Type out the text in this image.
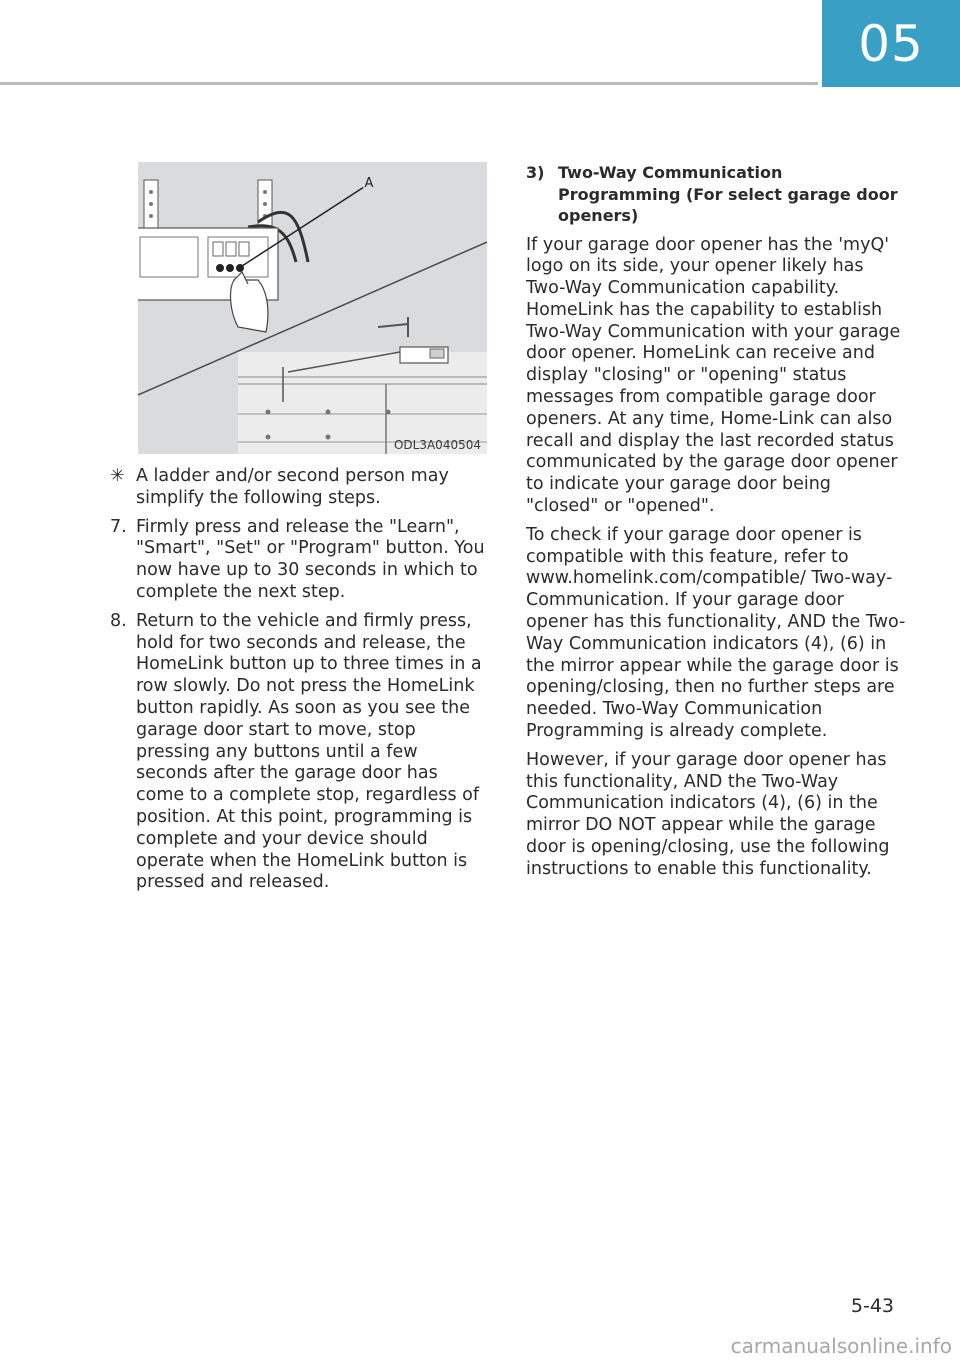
05
A
ODL3A040504
✳ A ladder and/or second person may simplify the following steps.
7. Firmly press and release the "Learn", "Smart", "Set" or "Program" button. You now have up to 30 seconds in which to complete the next step.
8. Return to the vehicle and firmly press, hold for two seconds and release, the HomeLink button up to three times in a row slowly. Do not press the HomeLink button rapidly. As soon as you see the garage door start to move, stop pressing any buttons until a few seconds after the garage door has come to a complete stop, regardless of position. At this point, programming is complete and your device should operate when the HomeLink button is pressed and released.
3) Two-Way Communication Programming (For select garage door openers)

If your garage door opener has the 'myQ' logo on its side, your opener likely has Two-Way Communication capability. HomeLink has the capability to establish Two-Way Communication with your garage door opener. HomeLink can receive and display "closing" or "opening" status messages from compatible garage door openers. At any time, Home-Link can also recall and display the last recorded status communicated by the garage door opener to indicate your garage door being "closed" or "opened".

To check if your garage door opener is compatible with this feature, refer to www.homelink.com/compatible/ Two-way-Communication. If your garage door opener has this functionality, AND the Two-Way Communication indicators (4), (6) in the mirror appear while the garage door is opening/closing, then no further steps are needed. Two-Way Communication Programming is already complete.

However, if your garage door opener has this functionality, AND the Two-Way Communication indicators (4), (6) in the mirror DO NOT appear while the garage door is opening/closing, use the following instructions to enable this functionality.

5-43
carmanualsonline.info
